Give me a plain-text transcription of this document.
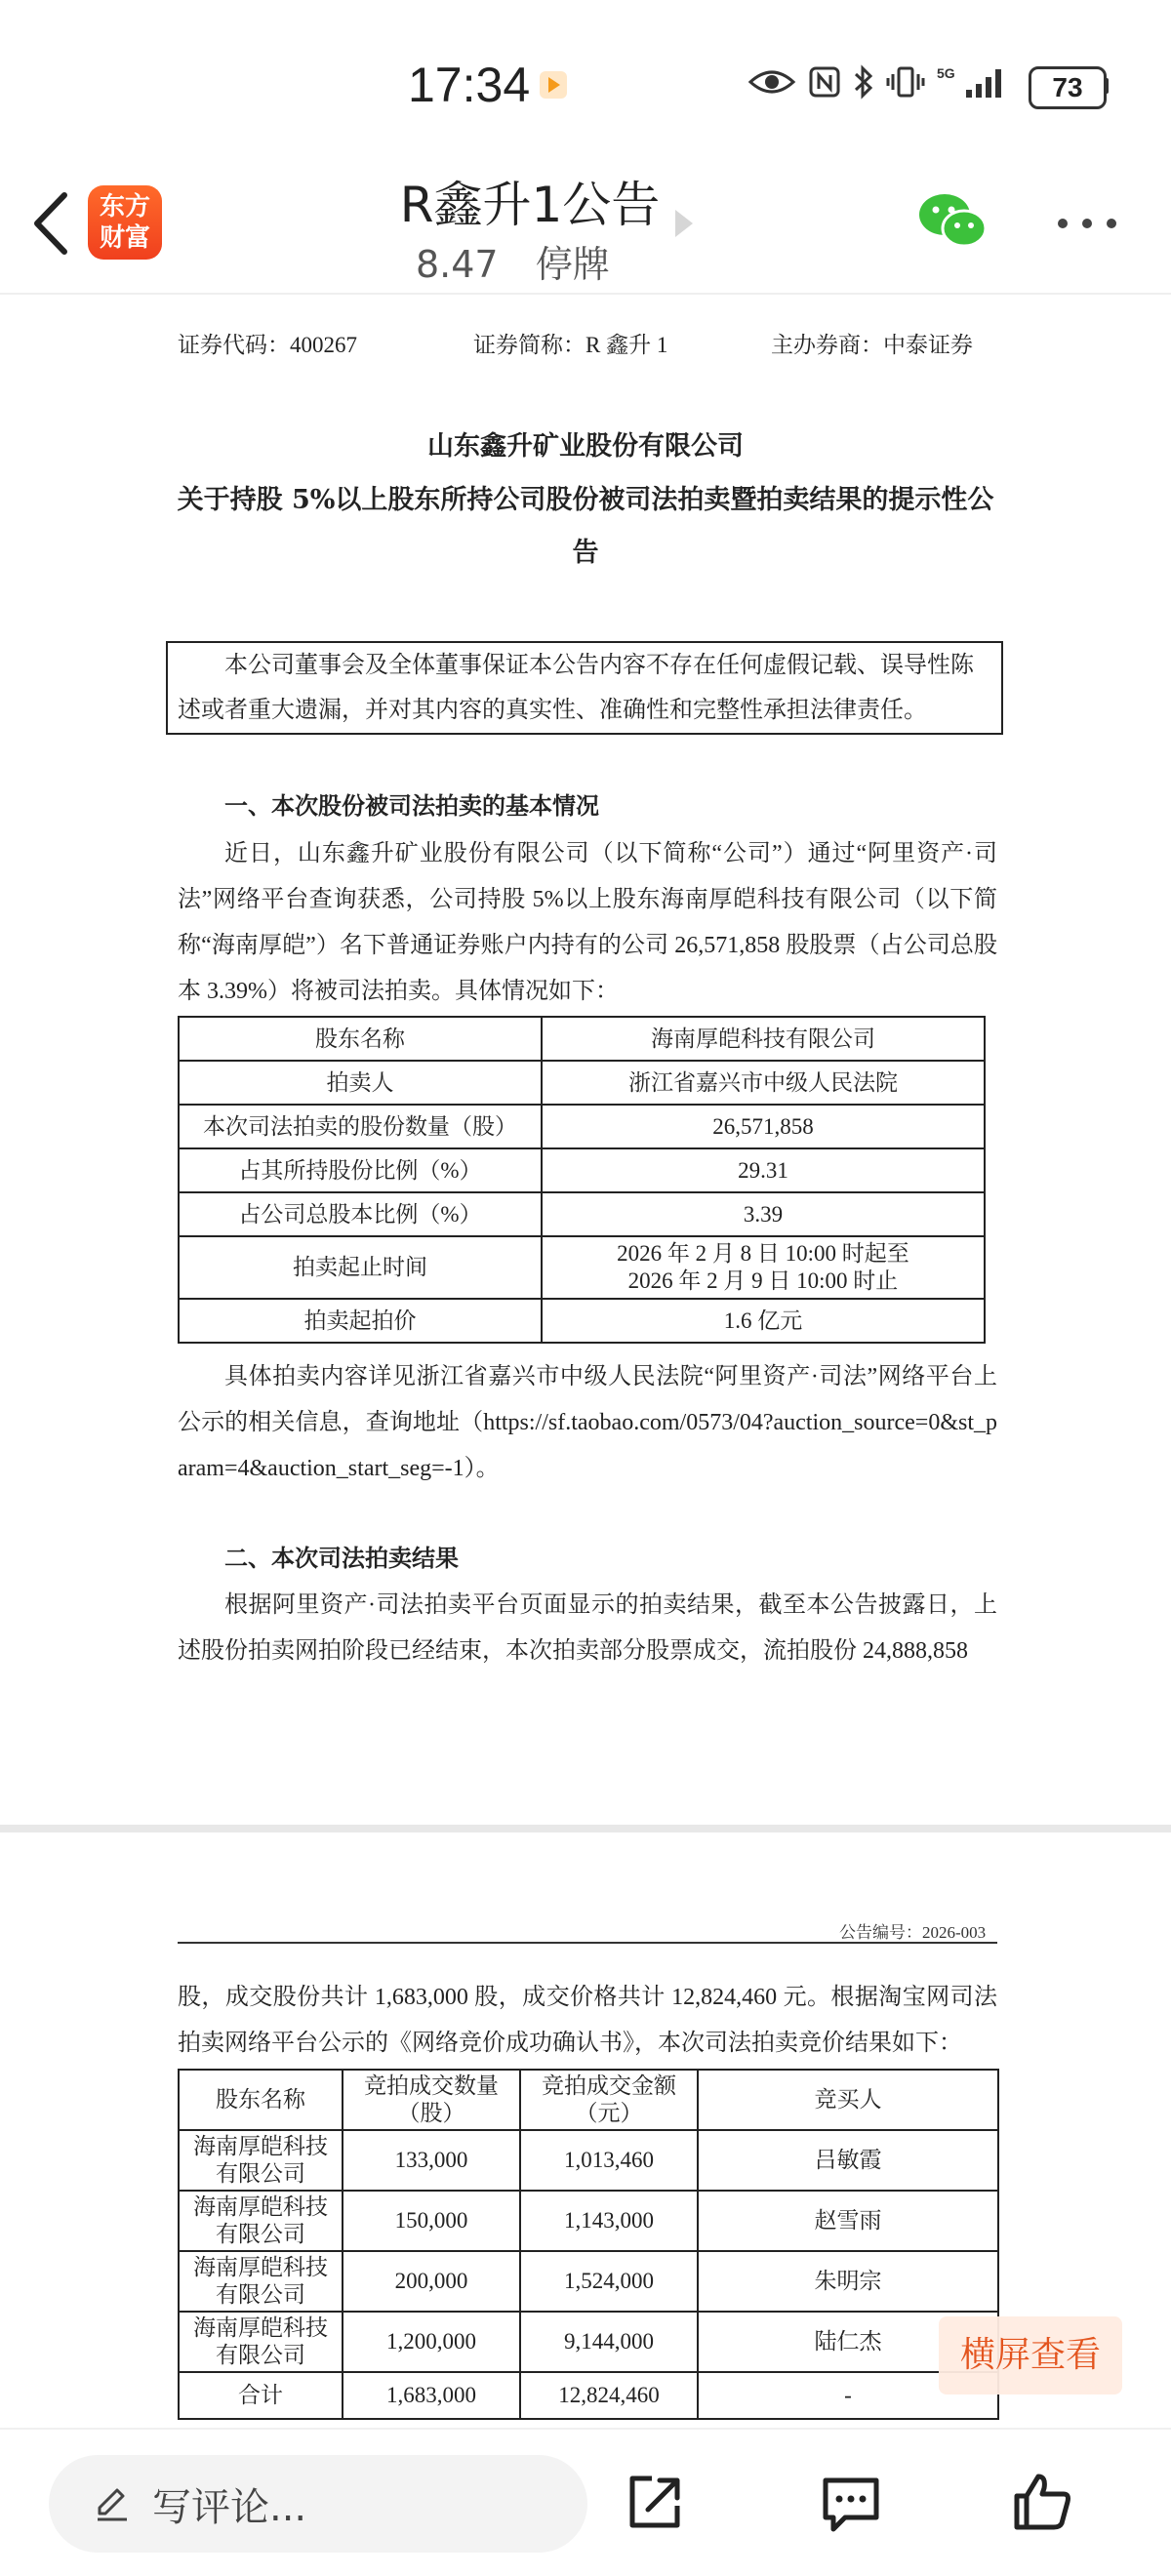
17:34	5G	73
东方
财富
R鑫升1公告
8.47 停牌
证券代码：400267	证券简称：R 鑫升 1	主办券商：中泰证券
山东鑫升矿业股份有限公司
关于持股 5%以上股东所持公司股份被司法拍卖暨拍卖结果的提示性公告
本公司董事会及全体董事保证本公告内容不存在任何虚假记载、误导性陈述或者重大遗漏，并对其内容的真实性、准确性和完整性承担法律责任。
一、本次股份被司法拍卖的基本情况
近日，山东鑫升矿业股份有限公司（以下简称“公司”）通过“阿里资产·司法”网络平台查询获悉，公司持股 5%以上股东海南厚皑科技有限公司（以下简称“海南厚皑”）名下普通证券账户内持有的公司 26,571,858 股股票（占公司总股本 3.39%）将被司法拍卖。具体情况如下：
股东名称	海南厚皑科技有限公司
拍卖人	浙江省嘉兴市中级人民法院
本次司法拍卖的股份数量（股）	26,571,858
占其所持股份比例（%）	29.31
占公司总股本比例（%）	3.39
拍卖起止时间	2026 年 2 月 8 日 10:00 时起至
2026 年 2 月 9 日 10:00 时止

拍卖起拍价	1.6 亿元
具体拍卖内容详见浙江省嘉兴市中级人民法院“阿里资产·司法”网络平台上公示的相关信息，查询地址（https://sf.taobao.com/0573/04?auction_source=0&st_param=4&auction_start_seg=-1）。
二、本次司法拍卖结果
根据阿里资产·司法拍卖平台页面显示的拍卖结果，截至本公告披露日，上述股份拍卖网拍阶段已经结束，本次拍卖部分股票成交，流拍股份 24,888,858
公告编号：2026-003
股，成交股份共计 1,683,000 股，成交价格共计 12,824,460 元。根据淘宝网司法拍卖网络平台公示的《网络竞价成功确认书》，本次司法拍卖竞价结果如下：
股东名称	竞拍成交数量（股）	竞拍成交金额（元）	竞买人
海南厚皑科技有限公司	133,000	1,013,460	吕敏霞
海南厚皑科技有限公司	150,000	1,143,000	赵雪雨
海南厚皑科技有限公司	200,000	1,524,000	朱明宗
海南厚皑科技有限公司	1,200,000	9,144,000	陆仁杰
合计	1,683,000	12,824,460	-
横屏查看
写评论...
